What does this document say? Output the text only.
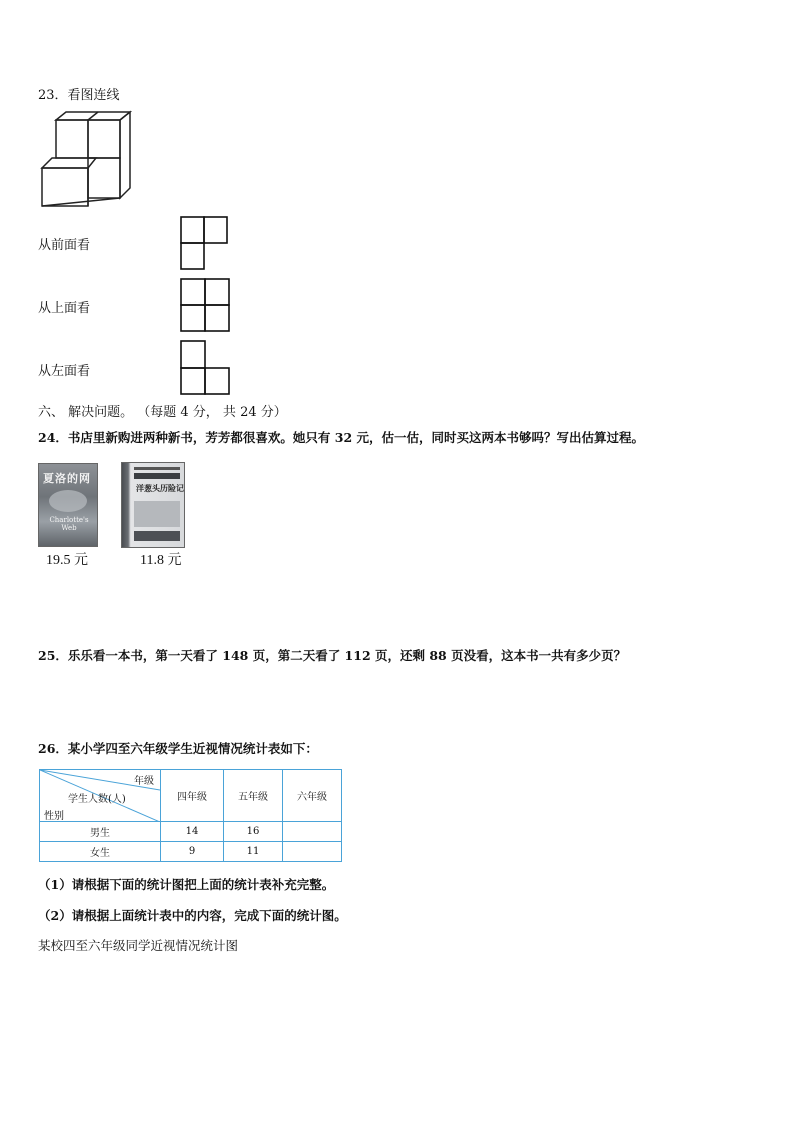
23．看图连线
从前面看
从上面看
从左面看
六、 解决问题。 （每题 4 分， 共 24 分）
24．书店里新购进两种新书，芳芳都很喜欢。她只有 32 元，估一估，同时买这两本书够吗？写出估算过程。
夏洛的网
Charlotte's Web
19.5 元
洋葱头历险记
11.8 元
25．乐乐看一本书，第一天看了 148 页，第二天看了 112 页，还剩 88 页没看，这本书一共有多少页？
26．某小学四至六年级学生近视情况统计表如下：
年级
学生人数(人)
性别	四年级	五年级	六年级
男生	14	16	
女生	9	11	
（1）请根据下面的统计图把上面的统计表补充完整。
（2）请根据上面统计表中的内容，完成下面的统计图。
某校四至六年级同学近视情况统计图
